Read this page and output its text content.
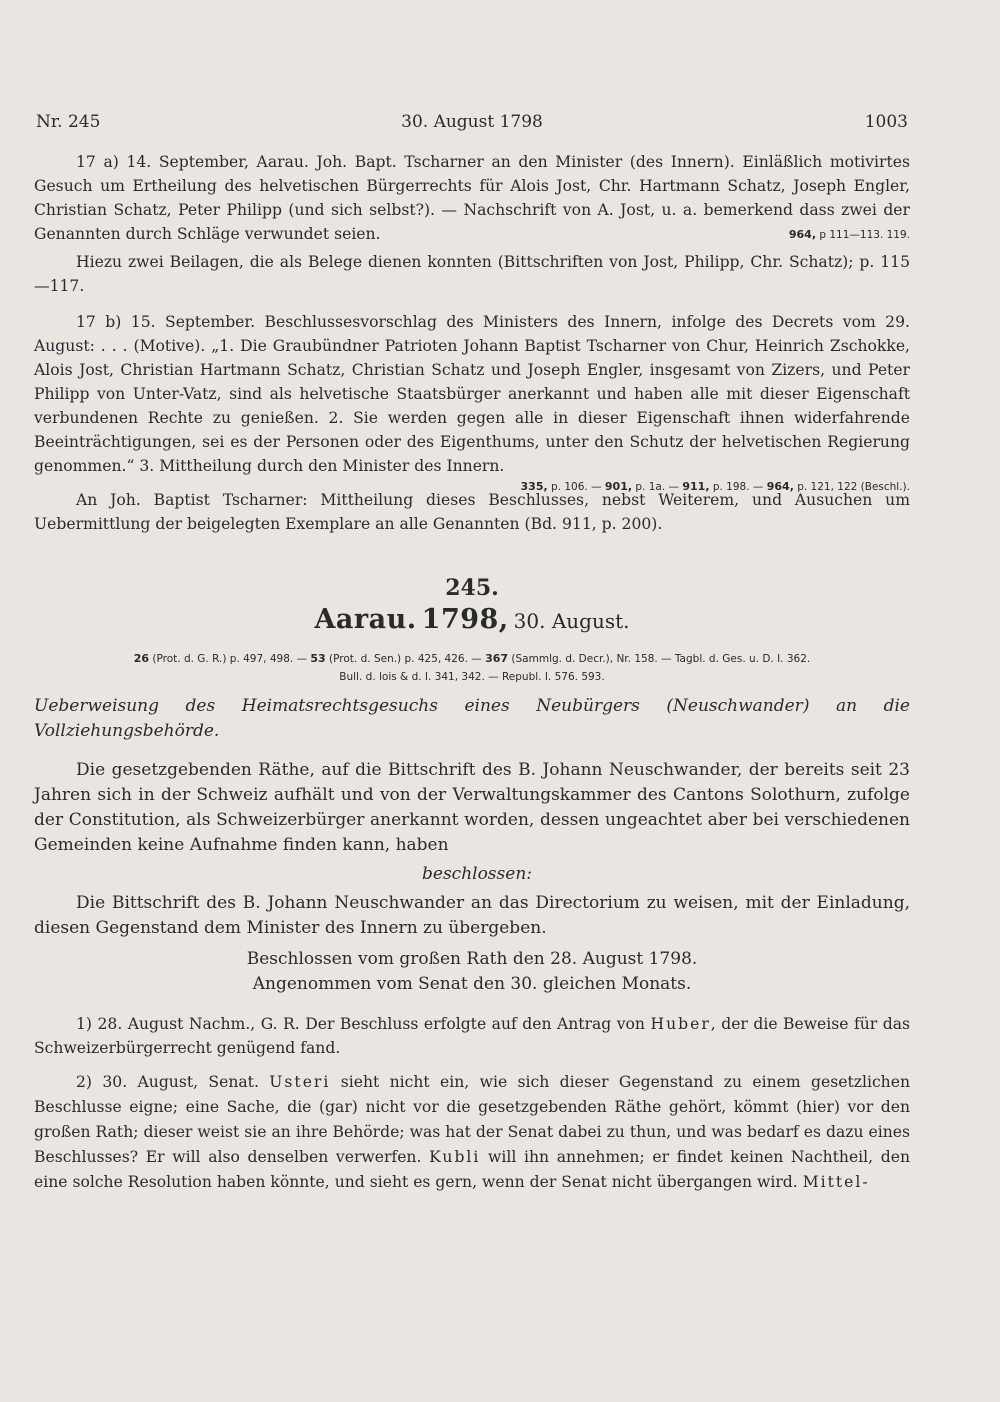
Nr. 245	30. August 1798	1003

17 a) 14. September, Aarau. Joh. Bapt. Tscharner an den Minister (des Innern). Einläßlich motivirtes Gesuch um Ertheilung des helvetischen Bürgerrechts für Alois Jost, Chr. Hartmann Schatz, Joseph Engler, Christian Schatz, Peter Philipp (und sich selbst?). — Nachschrift von A. Jost, u. a. bemerkend dass zwei der Genannten durch Schläge verwundet seien.	964, p 111—113. 119.

Hiezu zwei Beilagen, die als Belege dienen konnten (Bittschriften von Jost, Philipp, Chr. Schatz); p. 115—117.

17 b) 15. September. Beschlussesvorschlag des Ministers des Innern, infolge des Decrets vom 29. August: . . . (Motive). „1. Die Graubündner Patrioten Johann Baptist Tscharner von Chur, Heinrich Zschokke, Alois Jost, Christian Hartmann Schatz, Christian Schatz und Joseph Engler, insgesamt von Zizers, und Peter Philipp von Unter-Vatz, sind als helvetische Staatsbürger anerkannt und haben alle mit dieser Eigenschaft verbundenen Rechte zu genießen. 2. Sie werden gegen alle in dieser Eigenschaft ihnen widerfahrende Beeinträchtigungen, sei es der Personen oder des Eigenthums, unter den Schutz der helvetischen Regierung genommen.“ 3. Mittheilung durch den Minister des Innern.

335, p. 106. — 901, p. 1a. — 911, p. 198. — 964, p. 121, 122 (Beschl.).

An Joh. Baptist Tscharner: Mittheilung dieses Beschlusses, nebst Weiterem, und Ausuchen um Uebermittlung der beigelegten Exemplare an alle Genannten (Bd. 911, p. 200).

245.
Aarau. 1798, 30. August.
26 (Prot. d. G. R.) p. 497, 498. — 53 (Prot. d. Sen.) p. 425, 426. — 367 (Sammlg. d. Decr.), Nr. 158. — Tagbl. d. Ges. u. D. I. 362.
Bull. d. lois & d. I. 341, 342. — Republ. I. 576. 593.

Ueberweisung des Heimatsrechtsgesuchs eines Neubürgers (Neuschwander) an die Vollziehungsbehörde.

Die gesetzgebenden Räthe, auf die Bittschrift des B. Johann Neuschwander, der bereits seit 23 Jahren sich in der Schweiz aufhält und von der Verwaltungskammer des Cantons Solothurn, zufolge der Constitution, als Schweizerbürger anerkannt worden, dessen ungeachtet aber bei verschiedenen Gemeinden keine Aufnahme finden kann, haben

beschlossen:

Die Bittschrift des B. Johann Neuschwander an das Directorium zu weisen, mit der Einladung, diesen Gegenstand dem Minister des Innern zu übergeben.

Beschlossen vom großen Rath den 28. August 1798.

Angenommen vom Senat den 30. gleichen Monats.

1) 28. August Nachm., G. R. Der Beschluss erfolgte auf den Antrag von Huber, der die Beweise für das Schweizerbürgerrecht genügend fand.

2) 30. August, Senat. Usteri sieht nicht ein, wie sich dieser Gegenstand zu einem gesetzlichen Beschlusse eigne; eine Sache, die (gar) nicht vor die gesetzgebenden Räthe gehört, kömmt (hier) vor den großen Rath; dieser weist sie an ihre Behörde; was hat der Senat dabei zu thun, und was bedarf es dazu eines Beschlusses? Er will also denselben verwerfen. Kubli will ihn annehmen; er findet keinen Nachtheil, den eine solche Resolution haben könnte, und sieht es gern, wenn der Senat nicht übergangen wird. Mittel-
